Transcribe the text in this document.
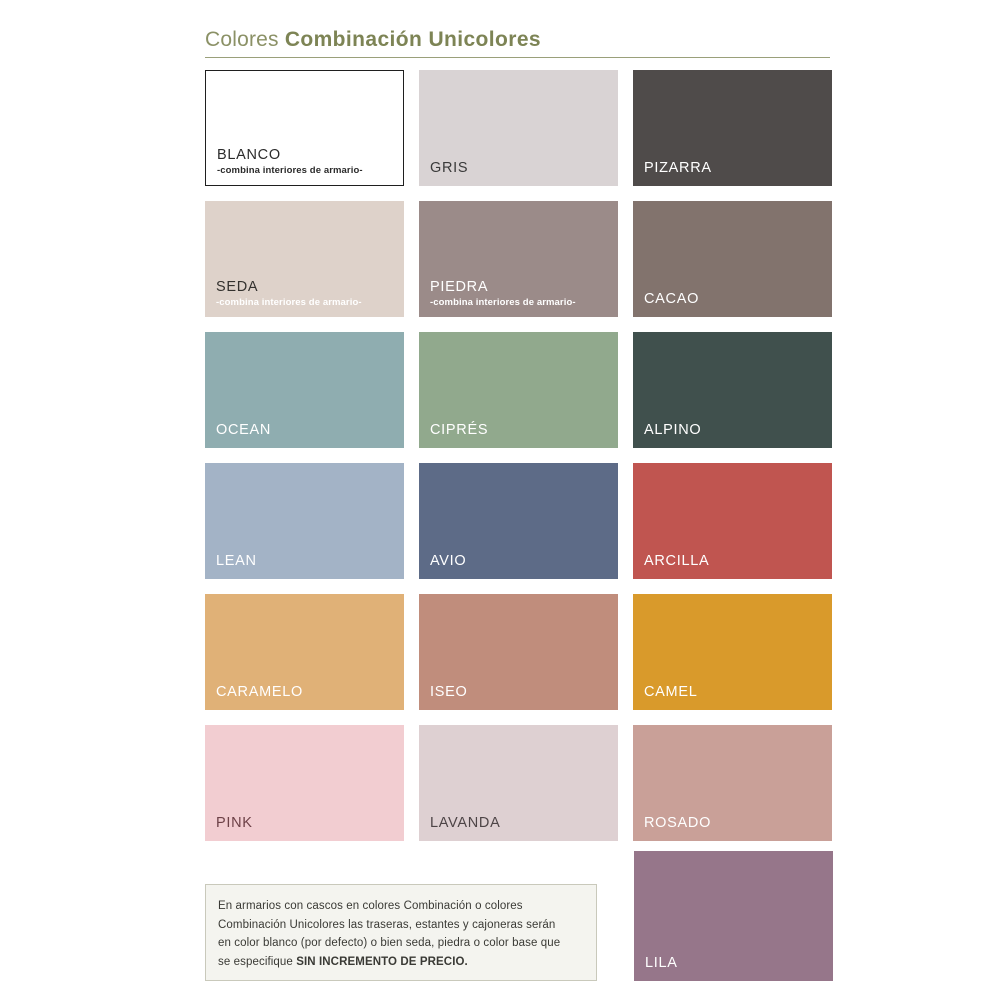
Colores Combinación Unicolores
BLANCO
-combina interiores de armario-	GRIS	PIZARRA
SEDA
-combina interiores de armario-
PIEDRA
-combina interiores de armario-	CACAO
OCEAN	CIPRÉS	ALPINO
LEAN	AVIO	ARCILLA
CARAMELO	ISEO	CAMEL
PINK	LAVANDA	ROSADO
LILA

En armarios con cascos en colores Combinación o colores

Combinación Unicolores las traseras, estantes y cajoneras serán

en color blanco (por defecto) o bien seda, piedra o color base que

se especifique SIN INCREMENTO DE PRECIO.
